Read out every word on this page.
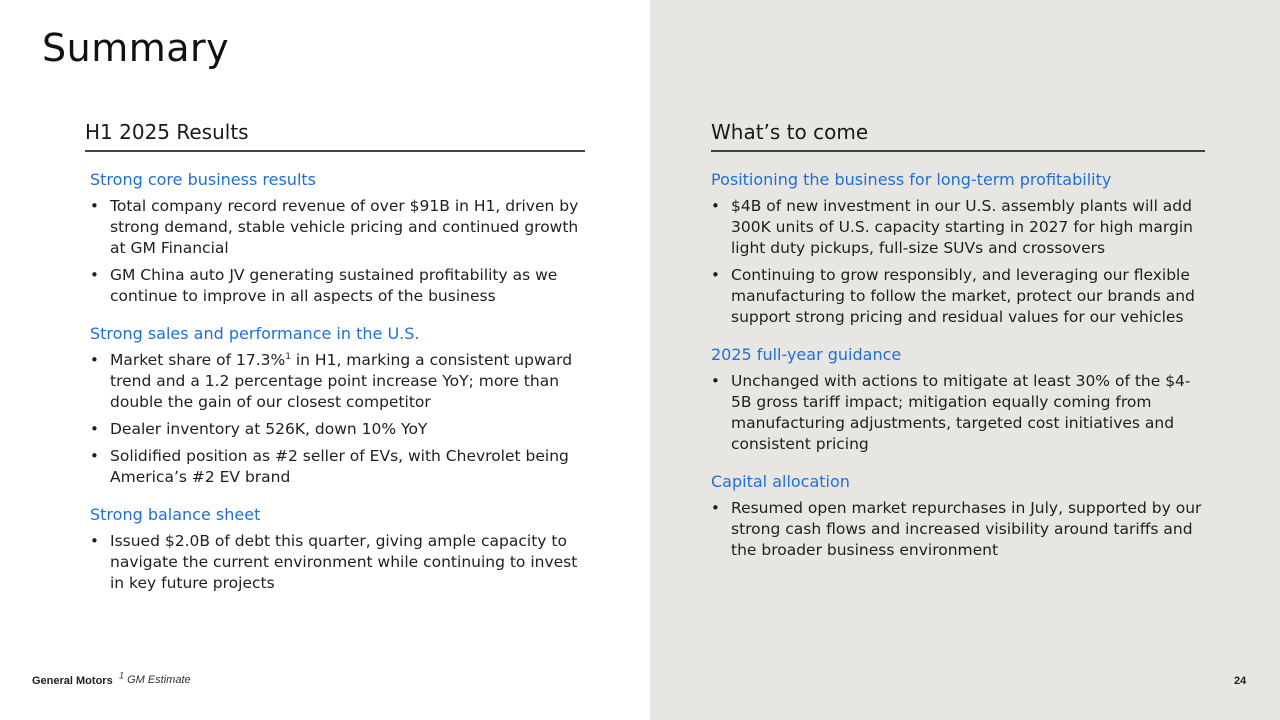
Summary
H1 2025 Results
Strong core business results
• Total company record revenue of over $91B in H1, driven by strong demand, stable vehicle pricing and continued growth at GM Financial
• GM China auto JV generating sustained profitability as we continue to improve in all aspects of the business
Strong sales and performance in the U.S.
• Market share of 17.3%$^1$ in H1, marking a consistent upward trend and a 1.2 percentage point increase YoY; more than double the gain of our closest competitor
• Dealer inventory at 526K, down 10% YoY
• Solidified position as #2 seller of EVs, with Chevrolet being America’s #2 EV brand
Strong balance sheet
• Issued $2.0B of debt this quarter, giving ample capacity to navigate the current environment while continuing to invest in key future projects
What’s to come
Positioning the business for long-term profitability
• $4B of new investment in our U.S. assembly plants will add 300K units of U.S. capacity starting in 2027 for high margin light duty pickups, full-size SUVs and crossovers
• Continuing to grow responsibly, and leveraging our flexible manufacturing to follow the market, protect our brands and support strong pricing and residual values for our vehicles
2025 full-year guidance
• Unchanged with actions to mitigate at least 30% of the $4-5B gross tariff impact; mitigation equally coming from manufacturing adjustments, targeted cost initiatives and consistent pricing
Capital allocation
• Resumed open market repurchases in July, supported by our strong cash flows and increased visibility around tariffs and the broader business environment
General Motors $^1$ GM Estimate	24
